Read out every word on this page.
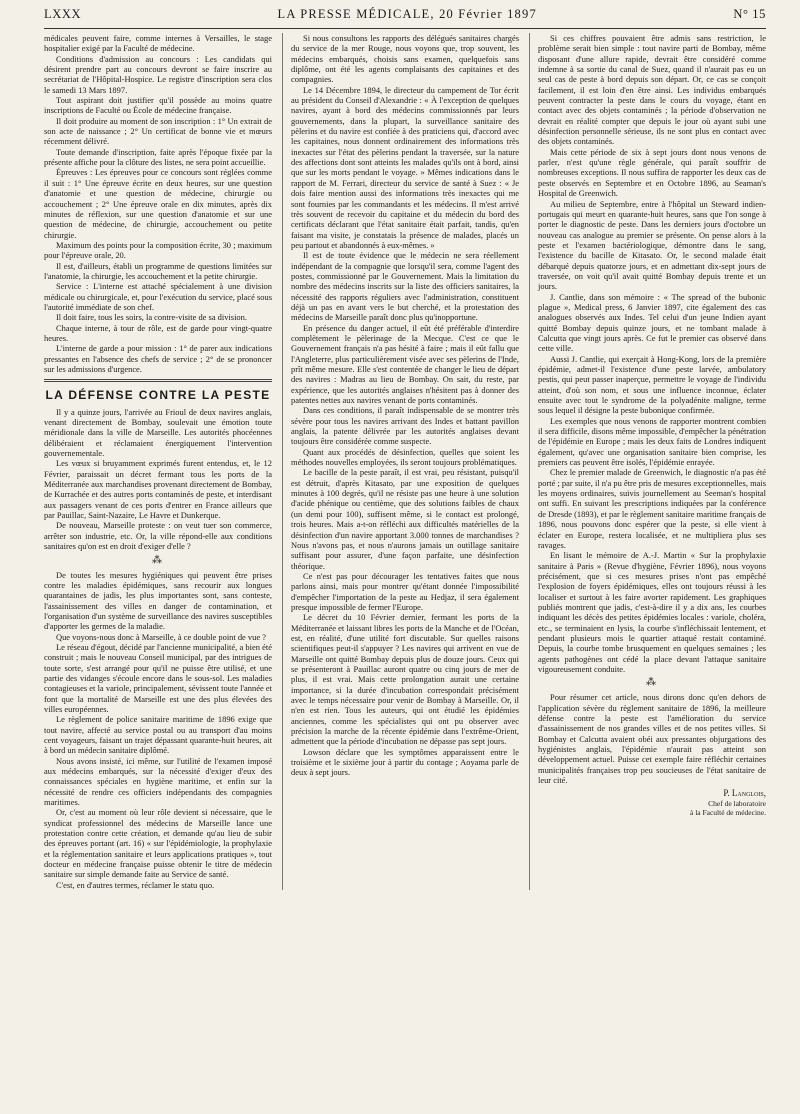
LXXX	LA PRESSE MÉDICALE, 20 Février 1897	N° 15

médicales peuvent faire, comme internes à Versailles, le stage hospitalier exigé par la Faculté de médecine.

Conditions d'admission au concours : Les candidats qui désirent prendre part au concours devront se faire inscrire au secrétariat de l'Hôpital-Hospice. Le registre d'inscription sera clos le samedi 13 Mars 1897.

Tout aspirant doit justifier qu'il possède au moins quatre inscriptions de Faculté ou École de médecine française.

Il doit produire au moment de son inscription : 1° Un extrait de son acte de naissance ; 2° Un certificat de bonne vie et mœurs récemment délivré.

Toute demande d'inscription, faite après l'époque fixée par la présente affiche pour la clôture des listes, ne sera point accueillie.

Épreuves : Les épreuves pour ce concours sont réglées comme il suit : 1° Une épreuve écrite en deux heures, sur une question d'anatomie et une question de médecine, chirurgie ou accouchement ; 2° Une épreuve orale en dix minutes, après dix minutes de réflexion, sur une question d'anatomie et sur une question de médecine, de chirurgie, accouchement ou petite chirurgie.

Maximum des points pour la composition écrite, 30 ; maximum pour l'épreuve orale, 20.

Il est, d'ailleurs, établi un programme de questions limitées sur l'anatomie, la chirurgie, les accouchement et la petite chirurgie.

Service : L'interne est attaché spécialement à une division médicale ou chirurgicale, et, pour l'exécution du service, placé sous l'autorité immédiate de son chef.

Il doit faire, tous les soirs, la contre-visite de sa division.

Chaque interne, à tour de rôle, est de garde pour vingt-quatre heures.

L'interne de garde a pour mission : 1° de parer aux indications pressantes en l'absence des chefs de service ; 2° de se prononcer sur les admissions d'urgence.

LA DÉFENSE CONTRE LA PESTE

Il y a quinze jours, l'arrivée au Frioul de deux navires anglais, venant directement de Bombay, soulevait une émotion toute méridionale dans la ville de Marseille. Les autorités phocéennes délibéraient et réclamaient énergiquement l'intervention gouvernementale.

Les vœux si bruyamment exprimés furent entendus, et, le 12 Février, paraissait un décret fermant tous les ports de la Méditerranée aux marchandises provenant directement de Bombay, de Kurrachée et des autres ports contaminés de peste, et interdisant aux passagers venant de ces ports d'entrer en France ailleurs que par Pauillac, Saint-Nazaire, Le Havre et Dunkerque.

De nouveau, Marseille proteste : on veut tuer son commerce, arrêter son industrie, etc. Or, la ville répond-elle aux conditions sanitaires qu'on est en droit d'exiger d'elle ?

⁂

De toutes les mesures hygiéniques qui peuvent être prises contre les maladies épidémiques, sans recourir aux longues quarantaines de jadis, les plus importantes sont, sans conteste, l'assainissement des villes en danger de contamination, et l'organisation d'un système de surveillance des navires susceptibles d'apporter les germes de la maladie.

Que voyons-nous donc à Marseille, à ce double point de vue ?

Le réseau d'égout, décidé par l'ancienne municipalité, a bien été construit ; mais le nouveau Conseil municipal, par des intrigues de toute sorte, s'est arrangé pour qu'il ne puisse être utilisé, et une partie des vidanges s'écoule encore dans le sous-sol. Les maladies contagieuses et la variole, principalement, sévissent toute l'année et font que la mortalité de Marseille est une des plus élevées des villes européennes.

Le règlement de police sanitaire maritime de 1896 exige que tout navire, affecté au service postal ou au transport d'au moins cent voyageurs, faisant un trajet dépassant quarante-huit heures, ait à bord un médecin sanitaire diplômé.

Nous avons insisté, ici même, sur l'utilité de l'examen imposé aux médecins embarqués, sur la nécessité d'exiger d'eux des connaissances spéciales en hygiène maritime, et enfin sur la nécessité de rendre ces officiers indépendants des compagnies maritimes.

Or, c'est au moment où leur rôle devient si nécessaire, que le syndicat professionnel des médecins de Marseille lance une protestation contre cette création, et demande qu'au lieu de subir des épreuves portant (art. 16) « sur l'épidémiologie, la prophylaxie et la réglementation sanitaire et leurs applications pratiques », tout docteur en médecine française puisse obtenir le titre de médecin sanitaire sur simple demande faite au Service de santé.

C'est, en d'autres termes, réclamer le statu quo.

Si nous consultons les rapports des délégués sanitaires chargés du service de la mer Rouge, nous voyons que, trop souvent, les médecins embarqués, choisis sans examen, quelquefois sans diplôme, ont été les agents complaisants des capitaines et des compagnies.

Le 14 Décembre 1894, le directeur du campement de Tor écrit au président du Conseil d'Alexandrie : « À l'exception de quelques navires, ayant à bord des médecins commissionnés par leurs gouvernements, dans la plupart, la surveillance sanitaire des pèlerins et du navire est confiée à des praticiens qui, d'accord avec les capitaines, nous donnent ordinairement des informations très inexactes sur l'état des pèlerins pendant la traversée, sur la nature des affections dont sont atteints les malades qu'ils ont à bord, ainsi que sur les morts pendant le voyage. » Mêmes indications dans le rapport de M. Ferrari, directeur du service de santé à Suez : « Je dois faire mention aussi des informations très inexactes qui me sont fournies par les commandants et les médecins. Il m'est arrivé très souvent de recevoir du capitaine et du médecin du bord des certificats déclarant que l'état sanitaire était parfait, tandis, qu'en faisant ma visite, je constatais la présence de malades, placés un peu partout et abandonnés à eux-mêmes. »

Il est de toute évidence que le médecin ne sera réellement indépendant de la compagnie que lorsqu'il sera, comme l'agent des postes, commissionné par le Gouvernement. Mais la limitation du nombre des médecins inscrits sur la liste des officiers sanitaires, la nécessité des rapports réguliers avec l'administration, constituent déjà un pas en avant vers le but cherché, et la protestation des médecins de Marseille paraît donc plus qu'inopportune.

En présence du danger actuel, il eût été préférable d'interdire complètement le pèlerinage de la Mecque. C'est ce que le Gouvernement français n'a pas hésité à faire ; mais il eût fallu que l'Angleterre, plus particulièrement visée avec ses pèlerins de l'Inde, prît même mesure. Elle s'est contentée de changer le lieu de départ des navires : Madras au lieu de Bombay. On sait, du reste, par expérience, que les autorités anglaises n'hésitent pas à donner des patentes nettes aux navires venant de ports contaminés.

Dans ces conditions, il paraît indispensable de se montrer très sévère pour tous les navires arrivant des Indes et battant pavillon anglais, la patente délivrée par les autorités anglaises devant toujours être considérée comme suspecte.

Quant aux procédés de désinfection, quelles que soient les méthodes nouvelles employées, ils seront toujours problématiques.

Le bacille de la peste paraît, il est vrai, peu résistant, puisqu'il est détruit, d'après Kitasato, par une exposition de quelques minutes à 100 degrés, qu'il ne résiste pas une heure à une solution d'acide phénique ou centième, que des solutions faibles de chaux (un demi pour 100), suffisent même, si le contact est prolongé, trois heures. Mais a-t-on réfléchi aux difficultés matérielles de la désinfection d'un navire apportant 3.000 tonnes de marchandises ? Nous n'avons pas, et nous n'aurons jamais un outillage sanitaire suffisant pour assurer, d'une façon parfaite, une désinfection théorique.

Ce n'est pas pour décourager les tentatives faites que nous parlons ainsi, mais pour montrer qu'étant donnée l'impossibilité d'empêcher l'importation de la peste au Hedjaz, il sera également presque impossible de fermer l'Europe.

Le décret du 10 Février dernier, fermant les ports de la Méditerranée et laissant libres les ports de la Manche et de l'Océan, est, en réalité, d'une utilité fort discutable. Sur quelles raisons scientifiques peut-il s'appuyer ? Les navires qui arrivent en vue de Marseille ont quitté Bombay depuis plus de douze jours. Ceux qui se présenteront à Pauillac auront quatre ou cinq jours de mer de plus, il est vrai. Mais cette prolongation aurait une certaine importance, si la durée d'incubation correspondait précisément avec le temps nécessaire pour venir de Bombay à Marseille. Or, il n'en est rien. Tous les auteurs, qui ont étudié les épidémies anciennes, comme les spécialistes qui ont pu observer avec précision la marche de la récente épidémie dans l'extrême-Orient, admettent que la période d'incubation ne dépasse pas sept jours.

Lowson déclare que les symptômes apparaissent entre le troisième et le sixième jour à partir du contage ; Aoyama parle de deux à sept jours.

Si ces chiffres pouvaient être admis sans restriction, le problème serait bien simple : tout navire parti de Bombay, même disposant d'une allure rapide, devrait être considéré comme indemne à sa sortie du canal de Suez, quand il n'aurait pas eu un seul cas de peste à bord depuis son départ. Or, ce cas se conçoit facilement, il est loin d'en être ainsi. Les individus embarqués peuvent contracter la peste dans le cours du voyage, étant en contact avec des objets contaminés ; la période d'observation ne devrait en réalité compter que depuis le jour où ayant subi une désinfection personnelle sérieuse, ils ne sont plus en contact avec des objets contaminés.

Mais cette période de six à sept jours dont nous venons de parler, n'est qu'une règle générale, qui paraît souffrir de nombreuses exceptions. Il nous suffira de rapporter les deux cas de peste observés en Septembre et en Octobre 1896, au Seaman's Hospital de Greenwich.

Au milieu de Septembre, entre à l'hôpital un Steward indien-portugais qui meurt en quarante-huit heures, sans que l'on songe à porter le diagnostic de peste. Dans les derniers jours d'octobre un nouveau cas analogue au premier se présente. On pense alors à la peste et l'examen bactériologique, démontre dans le sang, l'existence du bacille de Kitasato. Or, le second malade était débarqué depuis quatorze jours, et en admettant dix-sept jours de traversée, on voit qu'il avait quitté Bombay depuis trente et un jours.

J. Cantlie, dans son mémoire : « The spread of the bubonic plague », Medical press, 6 Janvier 1897, cite également des cas analogues observés aux Indes. Tel celui d'un jeune Indien ayant quitté Bombay depuis quinze jours, et ne tombant malade à Calcutta que vingt jours après. Ce fut le premier cas observé dans cette ville.

Aussi J. Cantlie, qui exerçait à Hong-Kong, lors de la première épidémie, admet-il l'existence d'une peste larvée, ambulatory pestis, qui peut passer inaperçue, permettre le voyage de l'individu atteint, d'où son nom, et sous une influence inconnue, éclater ensuite avec tout le syndrome de la polyadénite maligne, terme sous lequel il désigne la peste bubonique confirmée.

Les exemples que nous venons de rapporter montrent combien il sera difficile, disons même impossible, d'empêcher la pénétration de l'épidémie en Europe ; mais les deux faits de Londres indiquent également, qu'avec une organisation sanitaire bien comprise, les premiers cas peuvent être isolés, l'épidémie enrayée.

Chez le premier malade de Greenwich, le diagnostic n'a pas été porté ; par suite, il n'a pu être pris de mesures exceptionnelles, mais les moyens ordinaires, suivis journellement au Seeman's hospital ont suffi. En suivant les prescriptions indiquées par la conférence de Dresde (1893), et par le règlement sanitaire maritime français de 1896, nous pouvons donc espérer que la peste, si elle vient à éclater en Europe, restera localisée, et ne multipliera plus ses ravages.

En lisant le mémoire de A.-J. Martin « Sur la prophylaxie sanitaire à Paris » (Revue d'hygiène, Février 1896), nous voyons précisément, que si ces mesures prises n'ont pas empêché l'explosion de foyers épidémiques, elles ont toujours réussi à les localiser et surtout à les faire avorter rapidement. Les graphiques publiés montrent que jadis, c'est-à-dire il y a dix ans, les courbes indiquant les décès des petites épidémies locales : variole, choléra, etc., se terminaient en lysis, la courbe s'infléchissait lentement, et pendant plusieurs mois le quartier attaqué restait contaminé. Depuis, la courbe tombe brusquement en quelques semaines ; les agents pathogènes ont cédé la place devant l'attaque sanitaire vigoureusement conduite.

⁂

Pour résumer cet article, nous dirons donc qu'en dehors de l'application sévère du règlement sanitaire de 1896, la meilleure défense contre la peste est l'amélioration du service d'assainissement de nos grandes villes et de nos petites villes. Si Bombay et Calcutta avaient obéi aux pressantes objurgations des hygiénistes anglais, l'épidémie n'aurait pas atteint son développement actuel. Puisse cet exemple faire réfléchir certaines municipalités françaises trop peu soucieuses de l'état sanitaire de leur cité.

P. Langlois,
Chef de laboratoire
à la Faculté de médecine.
